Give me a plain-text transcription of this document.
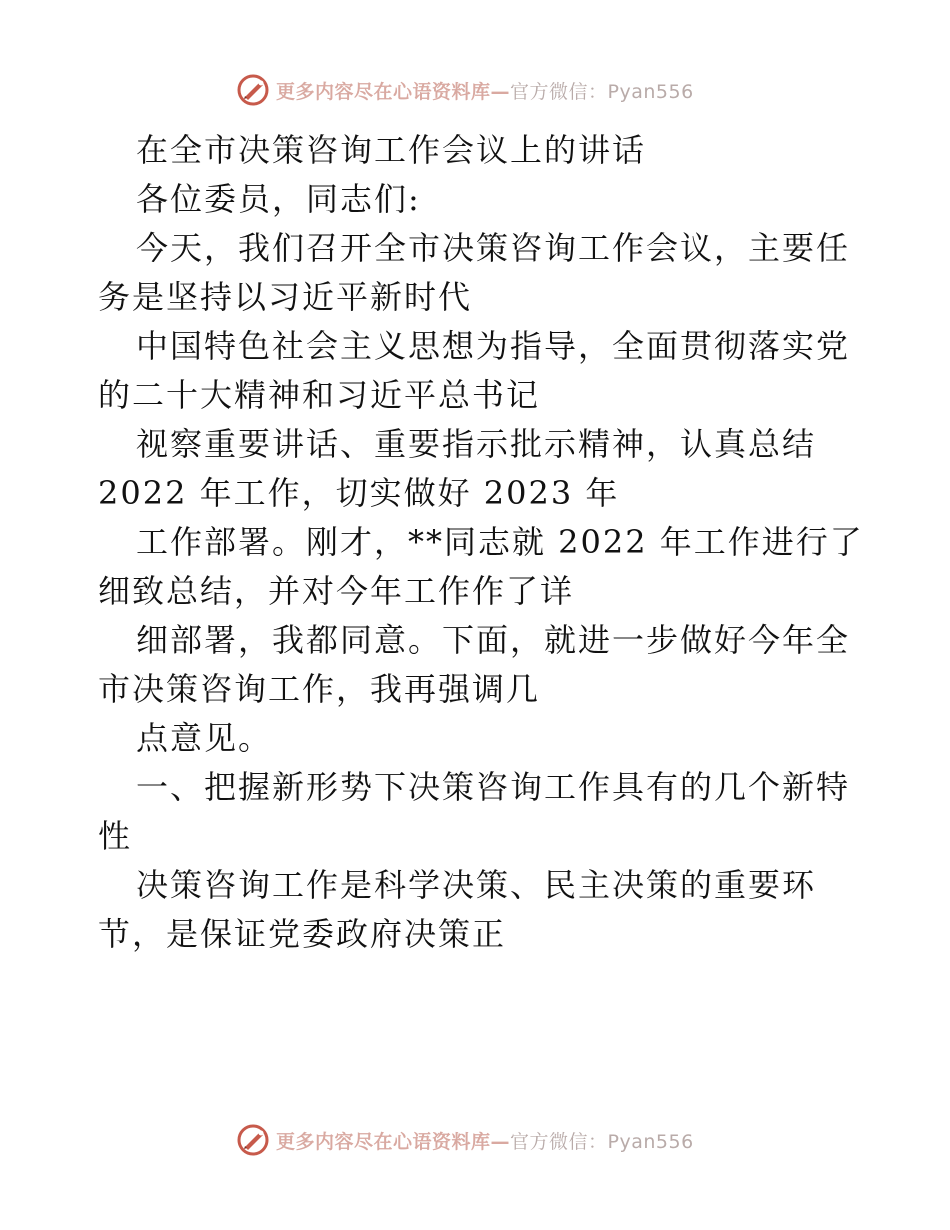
更多内容尽在心语资料库—官方微信：Pyan556
在全市决策咨询工作会议上的讲话
各位委员，同志们:
今天，我们召开全市决策咨询工作会议，主要任
务是坚持以习近平新时代
中国特色社会主义思想为指导，全面贯彻落实党
的二十大精神和习近平总书记
视察重要讲话、重要指示批示精神，认真总结
2022 年工作，切实做好 2023 年
工作部署。刚才，**同志就 2022 年工作进行了
细致总结，并对今年工作作了详
细部署，我都同意。下面，就进一步做好今年全
市决策咨询工作，我再强调几
点意见。
一、把握新形势下决策咨询工作具有的几个新特
性
决策咨询工作是科学决策、民主决策的重要环
节，是保证党委政府决策正
更多内容尽在心语资料库—官方微信：Pyan556
